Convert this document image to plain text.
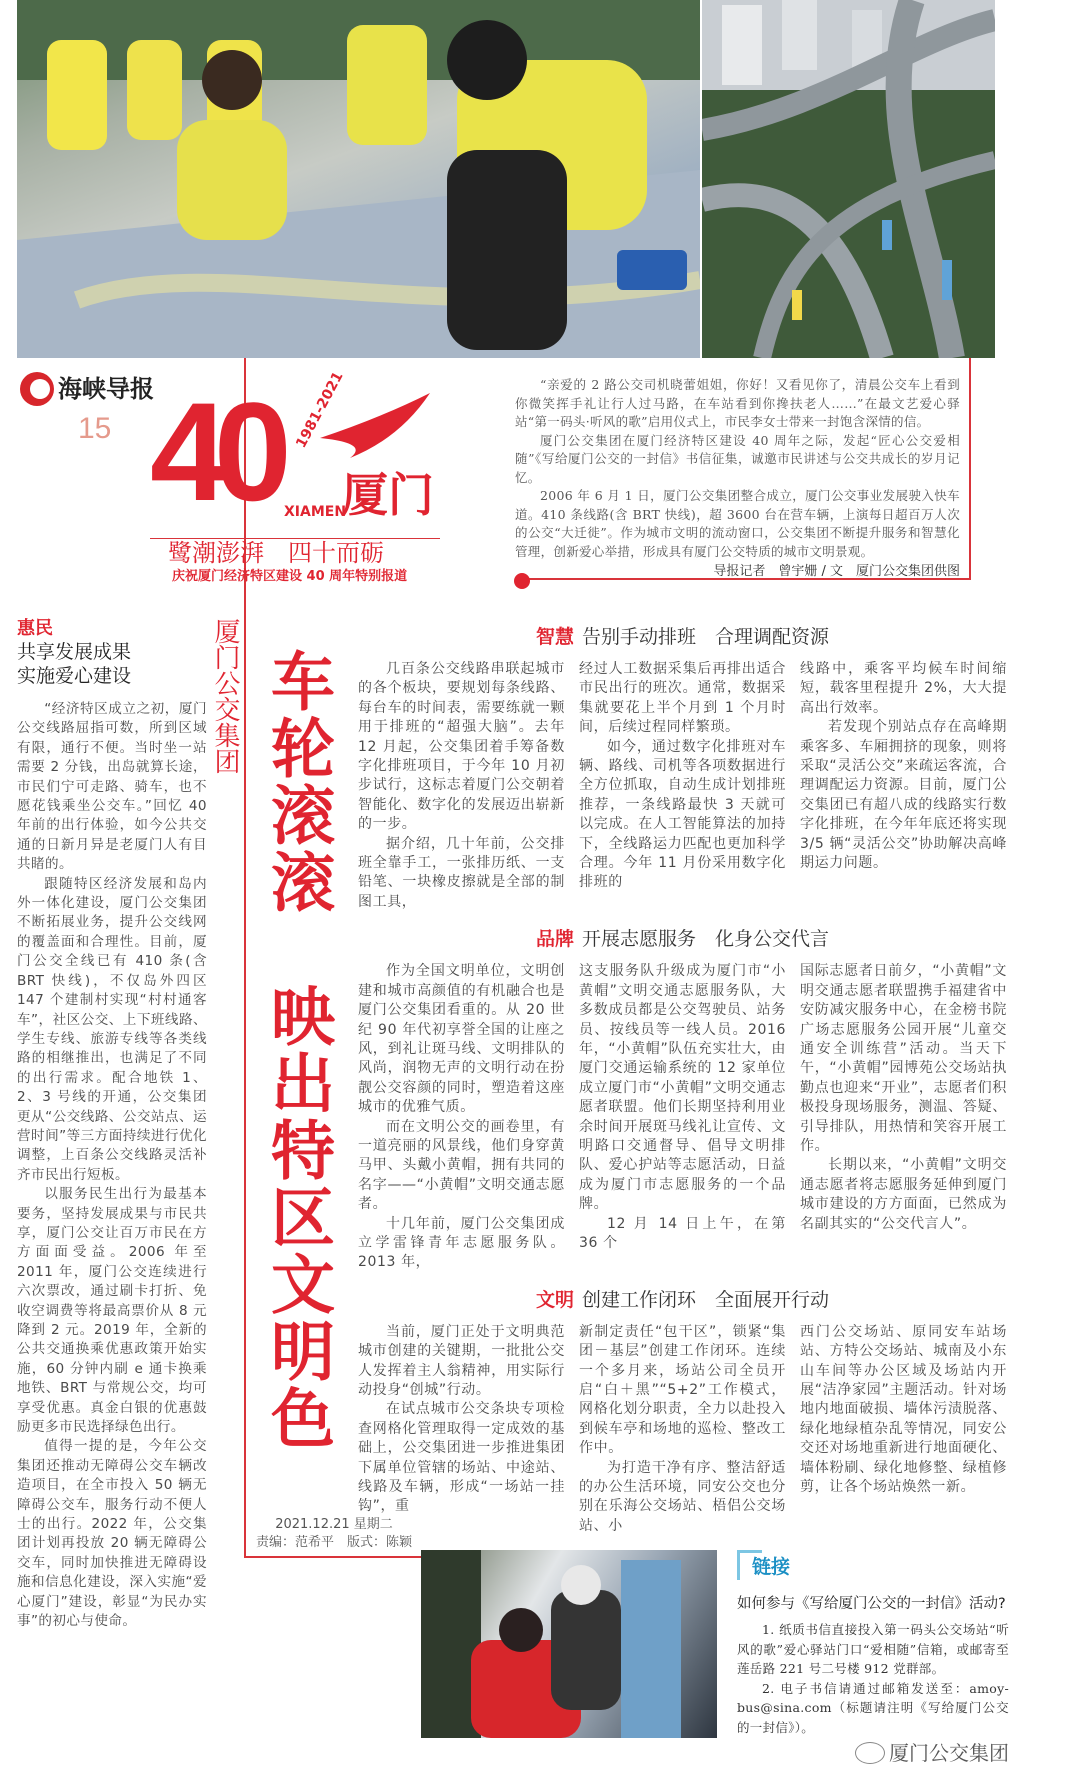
海峡导报
15 40 1981-2021
XIAMEN
厦门
鹭潮澎湃　四十而砺
庆祝厦门经济特区建设 40 周年特别报道

“亲爱的 2 路公交司机晓蕾姐姐，你好！又看见你了，清晨公交车上看到你微笑挥手礼让行人过马路，在车站看到你搀扶老人……”在最文艺爱心驿站“第一码头·听风的歌”启用仪式上，市民李女士带来一封饱含深情的信。

厦门公交集团在厦门经济特区建设 40 周年之际，发起“匠心公交爱相随”《写给厦门公交的一封信》书信征集，诚邀市民讲述与公交共成长的岁月记忆。

2006 年 6 月 1 日，厦门公交集团整合成立，厦门公交事业发展驶入快车道。410 条线路(含 BRT 快线)，超 3600 台在营车辆，上演每日超百万人次的公交“大迁徙”。作为城市文明的流动窗口，公交集团不断提升服务和智慧化管理，创新爱心举措，形成具有厦门公交特质的城市文明景观。

导报记者　曾宇姗 / 文　厦门公交集团供图
惠民
共享发展成果
实施爱心建设

“经济特区成立之初，厦门公交线路屈指可数，所到区域有限，通行不便。当时坐一站需要 2 分钱，出岛就算长途，市民们宁可走路、骑车，也不愿花钱乘坐公交车。”回忆 40 年前的出行体验，如今公共交通的日新月异是老厦门人有目共睹的。

跟随特区经济发展和岛内外一体化建设，厦门公交集团不断拓展业务，提升公交线网的覆盖面和合理性。目前，厦门公交全线已有 410 条(含 BRT 快线)，不仅岛外四区 147 个建制村实现“村村通客车”，社区公交、上下班线路、学生专线、旅游专线等各类线路的相继推出，也满足了不同的出行需求。配合地铁 1、2、3 号线的开通，公交集团更从“公交线路、公交站点、运营时间”等三方面持续进行优化调整，上百条公交线路灵活补齐市民出行短板。

以服务民生出行为最基本要务，坚持发展成果与市民共享，厦门公交让百万市民在方方面面受益。2006 年至 2011 年，厦门公交连续进行六次票改，通过刷卡打折、免收空调费等将最高票价从 8 元降到 2 元。2019 年，全新的公共交通换乘优惠政策开始实施，60 分钟内刷 e 通卡换乘地铁、BRT 与常规公交，均可享受优惠。真金白银的优惠鼓励更多市民选择绿色出行。

值得一提的是，今年公交集团还推动无障碍公交车辆改造项目，在全市投入 50 辆无障碍公交车，服务行动不便人士的出行。2022 年，公交集团计划再投放 20 辆无障碍公交车，同时加快推进无障碍设施和信息化建设，深入实施“爱心厦门”建设，彰显“为民办实事”的初心与使命。

厦门公交集团 车轮滚滚　映出特区文明色
智慧 告别手动排班　合理调配资源

几百条公交线路串联起城市的各个板块，要规划每条线路、每台车的时间表，需要练就一颗用于排班的“超强大脑”。去年 12 月起，公交集团着手筹备数字化排班项目，于今年 10 月初步试行，这标志着厦门公交朝着智能化、数字化的发展迈出崭新的一步。

据介绍，几十年前，公交排班全靠手工，一张排历纸、一支铅笔、一块橡皮擦就是全部的制图工具，

经过人工数据采集后再排出适合市民出行的班次。通常，数据采集就要花上半个月到 1 个月时间，后续过程同样繁琐。

如今，通过数字化排班对车辆、路线、司机等各项数据进行全方位抓取，自动生成计划排班推荐，一条线路最快 3 天就可以完成。在人工智能算法的加持下，全线路运力匹配也更加科学合理。今年 11 月份采用数字化排班的

线路中，乘客平均候车时间缩短，载客里程提升 2%，大大提高出行效率。

若发现个别站点存在高峰期乘客多、车厢拥挤的现象，则将采取“灵活公交”来疏运客流，合理调配运力资源。目前，厦门公交集团已有超八成的线路实行数字化排班，在今年年底还将实现 3/5 辆“灵活公交”协助解决高峰期运力问题。

品牌 开展志愿服务　化身公交代言

作为全国文明单位，文明创建和城市高颜值的有机融合也是厦门公交集团看重的。从 20 世纪 90 年代初享誉全国的让座之风，到礼让斑马线、文明排队的风尚，润物无声的文明行动在扮靓公交容颜的同时，塑造着这座城市的优雅气质。

而在文明公交的画卷里，有一道亮丽的风景线，他们身穿黄马甲、头戴小黄帽，拥有共同的名字——“小黄帽”文明交通志愿者。

十几年前，厦门公交集团成立学雷锋青年志愿服务队。2013 年，

这支服务队升级成为厦门市“小黄帽”文明交通志愿服务队，大多数成员都是公交驾驶员、站务员、按线员等一线人员。2016 年，“小黄帽”队伍充实壮大，由厦门交通运输系统的 12 家单位成立厦门市“小黄帽”文明交通志愿者联盟。他们长期坚持利用业余时间开展斑马线礼让宣传、文明路口交通督导、倡导文明排队、爱心护站等志愿活动，日益成为厦门市志愿服务的一个品牌。

12 月 14 日上午，在第 36 个

国际志愿者日前夕，“小黄帽”文明交通志愿者联盟携手福建省中安防减灾服务中心，在金榜书院广场志愿服务公园开展“儿童交通安全训练营”活动。当天下午，“小黄帽”园博苑公交场站执勤点也迎来“开业”，志愿者们积极投身现场服务，测温、答疑、引导排队，用热情和笑容开展工作。

长期以来，“小黄帽”文明交通志愿者将志愿服务延伸到厦门城市建设的方方面面，已然成为名副其实的“公交代言人”。

文明 创建工作闭环　全面展开行动

当前，厦门正处于文明典范城市创建的关键期，一批批公交人发挥着主人翁精神，用实际行动投身“创城”行动。

在试点城市公交条块专项检查网格化管理取得一定成效的基础上，公交集团进一步推进集团下属单位管辖的场站、中途站、线路及车辆，形成“一场站一挂钩”，重

新制定责任“包干区”，锁紧“集团－基层”创建工作闭环。连续一个多月来，场站公司全员开启“白＋黑”“5+2”工作模式，网格化划分职责，全力以赴投入到候车亭和场地的巡检、整改工作中。

为打造干净有序、整洁舒适的办公生活环境，同安公交也分别在乐海公交场站、梧侣公交场站、小

西门公交场站、原同安车站场站、方特公交场站、城南及小东山车间等办公区域及场站内开展“洁净家园”主题活动。针对场地内地面破损、墙体污渍脱落、绿化地绿植杂乱等情况，同安公交还对场地重新进行地面硬化、墙体粉刷、绿化地修整、绿植修剪，让各个场站焕然一新。

链接
如何参与《写给厦门公交的一封信》活动?

1. 纸质书信直接投入第一码头公交场站“听风的歌”爱心驿站门口“爱相随”信箱，或邮寄至莲岳路 221 号二号楼 912 党群部。

2. 电子书信请通过邮箱发送至：amoy-bus@sina.com（标题请注明《写给厦门公交的一封信》）。

厦门公交集团
2021.12.21 星期二
责编：范希平　版式：陈颖
